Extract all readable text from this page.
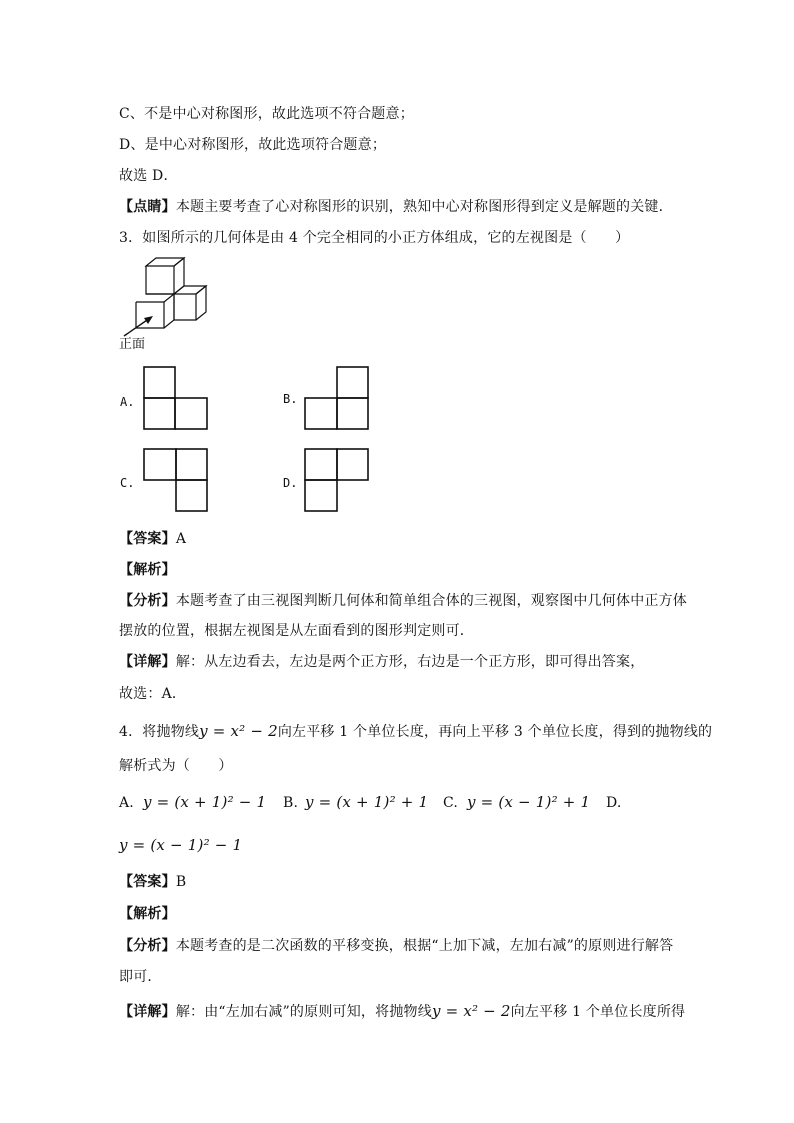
C、不是中心对称图形，故此选项不符合题意；
D、是中心对称图形，故此选项符合题意；
故选 D．
【点睛】本题主要考查了心对称图形的识别，熟知中心对称图形得到定义是解题的关键．
3．如图所示的几何体是由 4 个完全相同的小正方体组成，它的左视图是（　　）
正面
A.	B.
C.	D.
【答案】A
【解析】
【分析】本题考查了由三视图判断几何体和简单组合体的三视图，观察图中几何体中正方体
摆放的位置，根据左视图是从左面看到的图形判定则可．
【详解】解：从左边看去，左边是两个正方形，右边是一个正方形，即可得出答案，
故选：A．
4．将抛物线y = x² − 2向左平移 1 个单位长度，再向上平移 3 个单位长度，得到的抛物线的
解析式为（　　）
A. y = (x + 1)² − 1 B. y = (x + 1)² + 1 C. y = (x − 1)² + 1 D.
y = (x − 1)² − 1
【答案】B
【解析】
【分析】本题考查的是二次函数的平移变换，根据“上加下减，左加右减”的原则进行解答
即可．
【详解】解：由“左加右减”的原则可知，将抛物线y = x² − 2向左平移 1 个单位长度所得
